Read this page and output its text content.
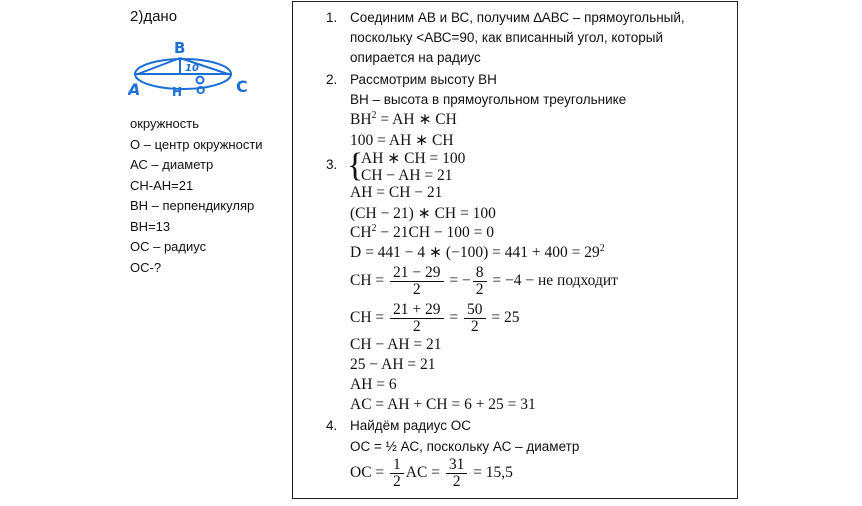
2)дано
В
А	Н О С
10
окружность
О – центр окружности
АС – диаметр
СН-АН=21
ВН – перпендикуляр
ВН=13
ОС – радиус
ОС-?
1. Соединим АВ и ВС, получим ∆АВС – прямоугольный,
поскольку <АВС=90, как вписанный угол, который
опирается на радиус
2. Рассмотрим высоту ВН
ВН – высота в прямоугольном треугольнике
$BH^2$ = AH ∗ CH
100 = AH ∗ CH
3. {
AH ∗ CH = 100
CH − AH = 21
AH = CH − 21
(CH − 21) ∗ CH = 100
$CH^2 - 21CH - 100 = 0$
D = 441 − 4 ∗ $(-100) = 441 + 400 = 29^2$
CH = $\frac{21 - 29}{2}$ = − $\frac{8}{2} = -4$ − не подходит
CH = $\frac{21 + 29}{2} = \frac{50}{2} = 25$
CH − AH = 21
25 − AH = 21
AH = 6
AC = AH + CH = 6 + 25 = 31
4. Найдём радиус ОС
ОС = ½ АС, поскольку АС – диаметр
OC = $\frac{1}{2}$ AC = $\frac{31}{2} = 15,5$
